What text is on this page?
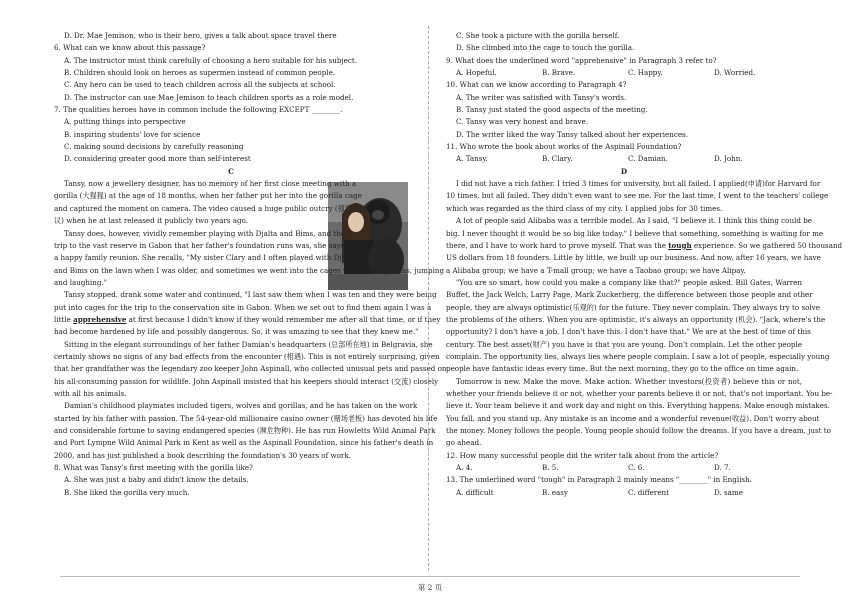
D. Dr. Mae Jemison, who is their hero, gives a talk about space travel there
6. What can we know about this passage?
A. The instructor must think carefully of choosing a hero suitable for his subject.
B. Children should look on heroes as supermen instead of common people.
C. Any hero can be used to teach children across all the subjects at school.
D. The instructor can use Mae Jemison to teach children sports as a role model.
7. The qualities heroes have in common include the following EXCEPT ________.
A. putting things into perspective
B. inspiring students' love for science
C. making sound decisions by carefully reasoning
D. considering greater good more than self-interest
C
Tansy, now a jewellery designer, has no memory of her first close meeting with a
gorilla (大猩猩) at the age of 18 months, when her father put her into the gorilla cage
and captured the moment on camera. The video caused a huge public outcry (强烈的抗
议) when he at last released it publicly two years ago.
Tansy does, however, vividly remember playing with Djalta and Bims, and the
trip to the vast reserve in Gabon that her father's foundation runs was, she says, like
a happy family reunion. She recalls, "My sister Clary and I often played with Djalta
and Bims on the lawn when I was older, and sometimes we went into the cages with other gorillas, jumping
and laughing."
Tansy stopped, drank some water and continued, "I last saw them when I was ten and they were being
put into cages for the trip to the conservation site in Gabon. When we set out to find them again I was a
little apprehensive at first because I didn't know if they would remember me after all that time, or if they
had become hardened by life and possibly dangerous. So, it was amazing to see that they knew me."
Sitting in the elegant surroundings of her father Damian's headquarters (总部所在地) in Belgravia, she
certainly shows no signs of any bad effects from the encounter (相遇). This is not entirely surprising, given
that her grandfather was the legendary zoo keeper John Aspinall, who collected unusual pets and passed on
his all-consuming passion for wildlife. John Aspinall insisted that his keepers should interact (交流) closely
with all his animals.
Damian's childhood playmates included tigers, wolves and gorillas, and he has taken on the work
started by his father with passion. The 54-year-old millionaire casino owner (赌场老板) has devoted his life
and considerable fortune to saving endangered species (濒危物种). He has run Howletts Wild Animal Park
and Port Lympne Wild Animal Park in Kent as well as the Aspinall Foundation, since his father's death in
2000, and has just published a book describing the foundation's 30 years of work.
8. What was Tansy's first meeting with the gorilla like?
A. She was just a baby and didn't know the details.
B. She liked the gorilla very much.
C. She took a picture with the gorilla herself.
D. She climbed into the cage to touch the gorilla.
9. What does the underlined word "apprehensive" in Paragraph 3 refer to?
A. Hopeful.	B. Brave.	C. Happy.	D. Worried.
10. What can we know according to Paragraph 4?
A. The writer was satisfied with Tansy's words.
B. Tansy just stated the good aspects of the meeting.
C. Tansy was very honest and brave.
D. The writer liked the way Tansy talked about her experiences.
11. Who wrote the book about works of the Aspinall Foundation?
A. Tansy.	B. Clary.	C. Damian.	D. John.
D
I did not have a rich father. I tried 3 times for university, but all failed. I applied(申请)for Harvard for
10 times, but all failed. They didn't even want to see me. For the last time, I went to the teachers' college
which was regarded as the third class of my city. I applied jobs for 30 times.
A lot of people said Alibaba was a terrible model. As I said, "I believe it. I think this thing could be
big. I never thought it would be so big like today." I believe that something, something is waiting for me
there, and I have to work hard to prove myself. That was the tough experience. So we gathered 50 thousand
US dollars from 18 founders. Little by little, we built up our business. And now, after 16 years, we have
a Alibaba group; we have a T-mall group; we have a Taobao group; we have Alipay.
"You are so smart, how could you make a company like that?" people asked. Bill Gates, Warren
Buffet, the Jack Welch, Larry Page, Mark Zuckerberg, the difference between those people and other
people, they are always optimistic(乐观的) for the future. They never complain. They always try to solve
the problems of the others. When you are optimistic, it's always an opportunity (机会). "Jack, where's the
opportunity? I don't have a job. I don't have this. I don't have that." We are at the best of time of this
century. The best asset(财产) you have is that you are young. Don't complain. Let the other people
complain. The opportunity lies, always lies where people complain. I saw a lot of people, especially young
people have fantastic ideas every time. But the next morning, they go to the office on time again.
Tomorrow is new. Make the move. Make action. Whether investors(投资者) believe this or not,
whether your friends believe it or not, whether your parents believe it or not, that's not important. You be-
lieve it. Your team believe it and work day and night on this. Everything happens. Make enough mistakes.
You fall, and you stand up. Any mistake is an income and a wonderful revenue(收益). Don't worry about
the money. Money follows the people. Young people should follow the dreams. If you have a dream, just to
go ahead.
12. How many successful people did the writer talk about from the article?
A. 4.	B. 5.	C. 6.	D. 7.
13. The underlined word "tough" in Paragraph 2 mainly means "________" in English.
A. difficult	B. easy	C. different	D. same
第 2 页
